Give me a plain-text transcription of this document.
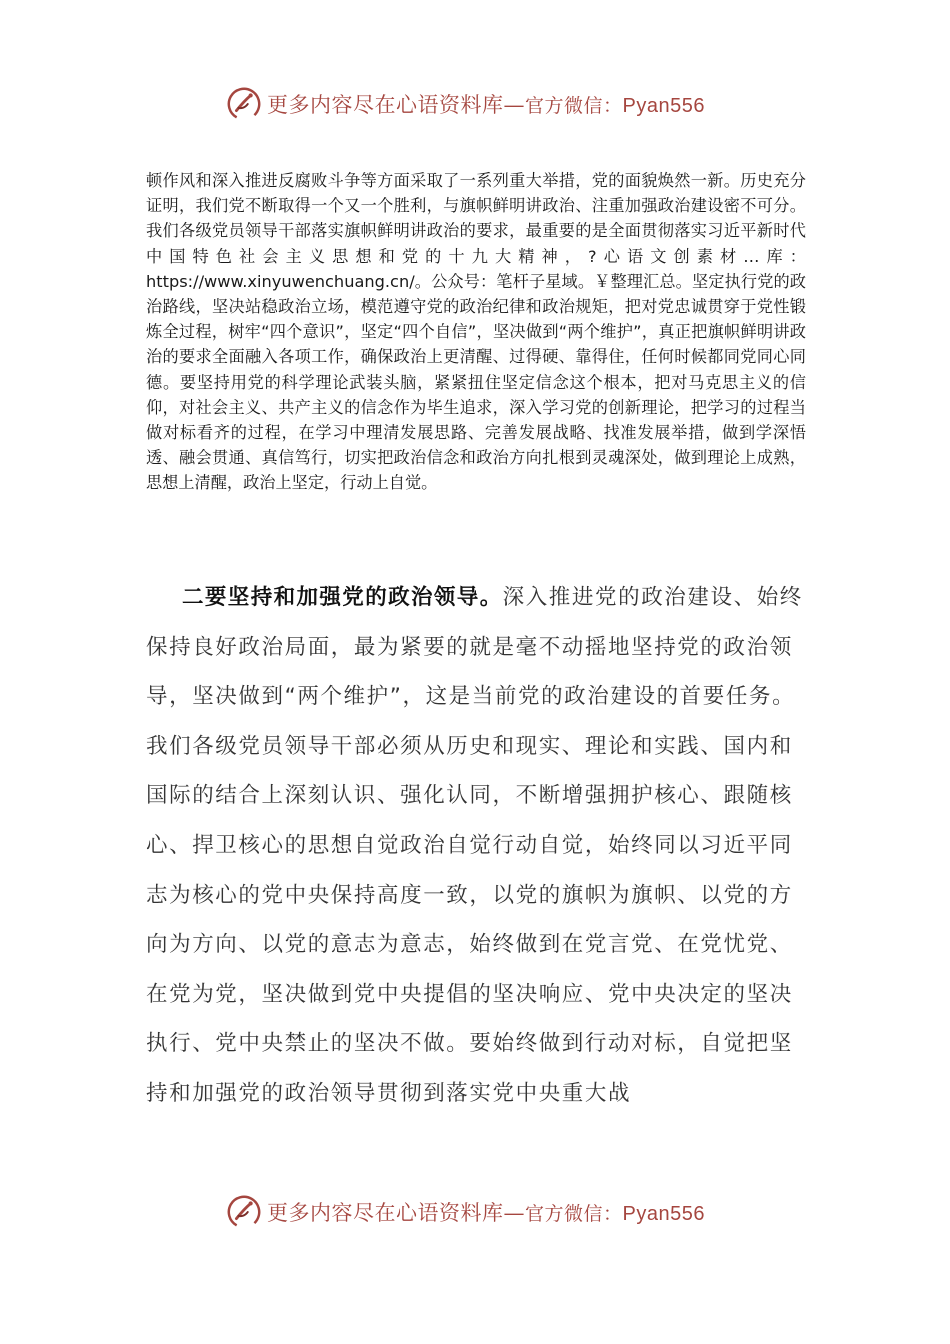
更多内容尽在心语资料库—官方微信：Pyan556

顿作风和深入推进反腐败斗争等方面采取了一系列重大举措，党的面貌焕然一新。历史充分证明，我们党不断取得一个又一个胜利，与旗帜鲜明讲政治、注重加强政治建设密不可分。我们各级党员领导干部落实旗帜鲜明讲政治的要求，最重要的是全面贯彻落实习近平新时代中国特色社会主义思想和党的十九大精神，?心语文创素材…库：https://www.xinyuwenchuang.cn/。公众号：笔杆子星域。￥整理汇总。坚定执行党的政治路线，坚决站稳政治立场，模范遵守党的政治纪律和政治规矩，把对党忠诚贯穿于党性锻炼全过程，树牢“四个意识”，坚定“四个自信”，坚决做到“两个维护”，真正把旗帜鲜明讲政治的要求全面融入各项工作，确保政治上更清醒、过得硬、靠得住，任何时候都同党同心同德。要坚持用党的科学理论武装头脑，紧紧扭住坚定信念这个根本，把对马克思主义的信仰，对社会主义、共产主义的信念作为毕生追求，深入学习党的创新理论，把学习的过程当做对标看齐的过程，在学习中理清发展思路、完善发展战略、找准发展举措，做到学深悟透、融会贯通、真信笃行，切实把政治信念和政治方向扎根到灵魂深处，做到理论上成熟，思想上清醒，政治上坚定，行动上自觉。

二要坚持和加强党的政治领导。深入推进党的政治建设、始终保持良好政治局面，最为紧要的就是毫不动摇地坚持党的政治领导，坚决做到“两个维护”，这是当前党的政治建设的首要任务。我们各级党员领导干部必须从历史和现实、理论和实践、国内和国际的结合上深刻认识、强化认同，不断增强拥护核心、跟随核心、捍卫核心的思想自觉政治自觉行动自觉，始终同以习近平同志为核心的党中央保持高度一致，以党的旗帜为旗帜、以党的方向为方向、以党的意志为意志，始终做到在党言党、在党忧党、在党为党，坚决做到党中央提倡的坚决响应、党中央决定的坚决执行、党中央禁止的坚决不做。要始终做到行动对标，自觉把坚持和加强党的政治领导贯彻到落实党中央重大战

更多内容尽在心语资料库—官方微信：Pyan556
